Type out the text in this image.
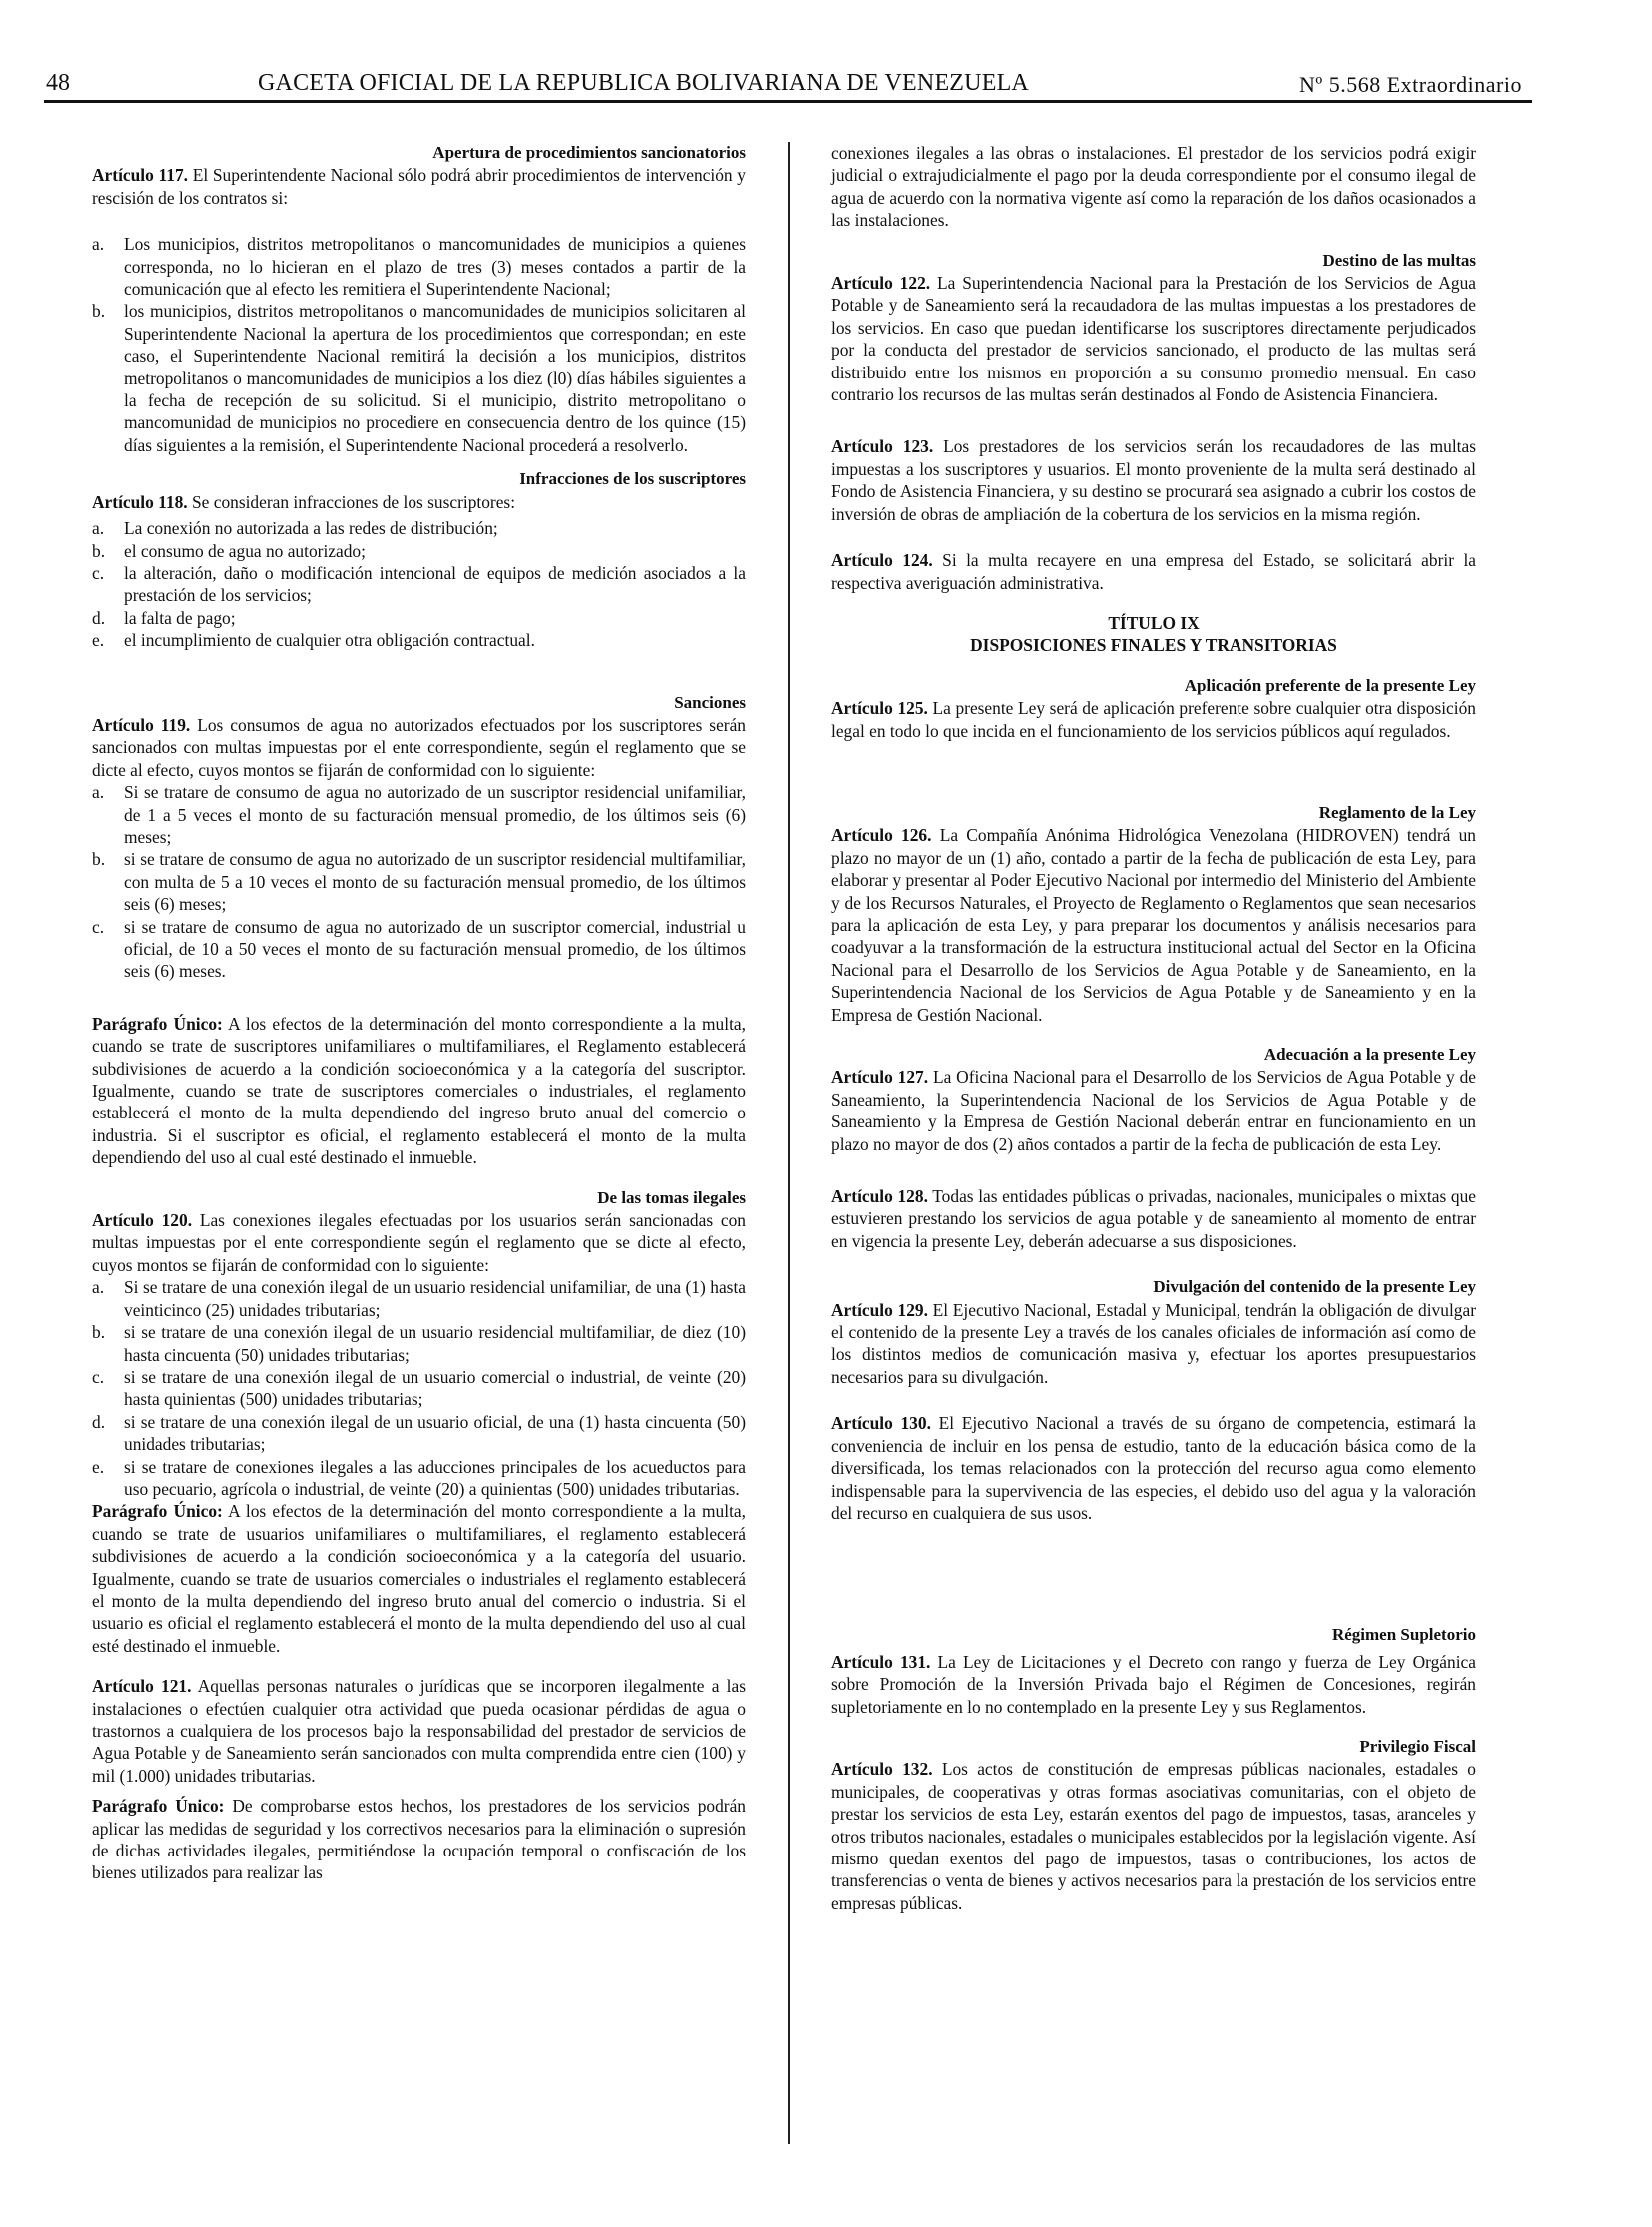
48	GACETA OFICIAL DE LA REPUBLICA BOLIVARIANA DE VENEZUELA	Nº 5.568 Extraordinario

Apertura de procedimientos sancionatorios

Artículo 117. El Superintendente Nacional sólo podrá abrir procedimientos de intervención y rescisión de los contratos si:

a. Los municipios, distritos metropolitanos o mancomunidades de municipios a quienes corresponda, no lo hicieran en el plazo de tres (3) meses contados a partir de la comunicación que al efecto les remitiera el Superintendente Nacional;
b. los municipios, distritos metropolitanos o mancomunidades de municipios solicitaren al Superintendente Nacional la apertura de los procedimientos que correspondan; en este caso, el Superintendente Nacional remitirá la decisión a los municipios, distritos metropolitanos o mancomunidades de municipios a los diez (l0) días hábiles siguientes a la fecha de recepción de su solicitud. Si el municipio, distrito metropolitano o mancomunidad de municipios no procediere en consecuencia dentro de los quince (15) días siguientes a la remisión, el Superintendente Nacional procederá a resolverlo.

Infracciones de los suscriptores

Artículo 118. Se consideran infracciones de los suscriptores:

a. La conexión no autorizada a las redes de distribución;
b. el consumo de agua no autorizado;
c. la alteración, daño o modificación intencional de equipos de medición asociados a la prestación de los servicios;
d. la falta de pago;
e. el incumplimiento de cualquier otra obligación contractual.

Sanciones

Artículo 119. Los consumos de agua no autorizados efectuados por los suscriptores serán sancionados con multas impuestas por el ente correspondiente, según el reglamento que se dicte al efecto, cuyos montos se fijarán de conformidad con lo siguiente:

a. Si se tratare de consumo de agua no autorizado de un suscriptor residencial unifamiliar, de 1 a 5 veces el monto de su facturación mensual promedio, de los últimos seis (6) meses;
b. si se tratare de consumo de agua no autorizado de un suscriptor residencial multifamiliar, con multa de 5 a 10 veces el monto de su facturación mensual promedio, de los últimos seis (6) meses;
c. si se tratare de consumo de agua no autorizado de un suscriptor comercial, industrial u oficial, de 10 a 50 veces el monto de su facturación mensual promedio, de los últimos seis (6) meses.

Parágrafo Único: A los efectos de la determinación del monto correspondiente a la multa, cuando se trate de suscriptores unifamiliares o multifamiliares, el Reglamento establecerá subdivisiones de acuerdo a la condición socioeconómica y a la categoría del suscriptor. Igualmente, cuando se trate de suscriptores comerciales o industriales, el reglamento establecerá el monto de la multa dependiendo del ingreso bruto anual del comercio o industria. Si el suscriptor es oficial, el reglamento establecerá el monto de la multa dependiendo del uso al cual esté destinado el inmueble.

De las tomas ilegales

Artículo 120. Las conexiones ilegales efectuadas por los usuarios serán sancionadas con multas impuestas por el ente correspondiente según el reglamento que se dicte al efecto, cuyos montos se fijarán de conformidad con lo siguiente:

a. Si se tratare de una conexión ilegal de un usuario residencial unifamiliar, de una (1) hasta veinticinco (25) unidades tributarias;
b. si se tratare de una conexión ilegal de un usuario residencial multifamiliar, de diez (10) hasta cincuenta (50) unidades tributarias;
c. si se tratare de una conexión ilegal de un usuario comercial o industrial, de veinte (20) hasta quinientas (500) unidades tributarias;
d. si se tratare de una conexión ilegal de un usuario oficial, de una (1) hasta cincuenta (50) unidades tributarias;
e. si se tratare de conexiones ilegales a las aducciones principales de los acueductos para uso pecuario, agrícola o industrial, de veinte (20) a quinientas (500) unidades tributarias.

Parágrafo Único: A los efectos de la determinación del monto correspondiente a la multa, cuando se trate de usuarios unifamiliares o multifamiliares, el reglamento establecerá subdivisiones de acuerdo a la condición socioeconómica y a la categoría del usuario. Igualmente, cuando se trate de usuarios comerciales o industriales el reglamento establecerá el monto de la multa dependiendo del ingreso bruto anual del comercio o industria. Si el usuario es oficial el reglamento establecerá el monto de la multa dependiendo del uso al cual esté destinado el inmueble.

Artículo 121. Aquellas personas naturales o jurídicas que se incorporen ilegalmente a las instalaciones o efectúen cualquier otra actividad que pueda ocasionar pérdidas de agua o trastornos a cualquiera de los procesos bajo la responsabilidad del prestador de servicios de Agua Potable y de Saneamiento serán sancionados con multa comprendida entre cien (100) y mil (1.000) unidades tributarias.

Parágrafo Único: De comprobarse estos hechos, los prestadores de los servicios podrán aplicar las medidas de seguridad y los correctivos necesarios para la eliminación o supresión de dichas actividades ilegales, permitiéndose la ocupación temporal o confiscación de los bienes utilizados para realizar las

conexiones ilegales a las obras o instalaciones. El prestador de los servicios podrá exigir judicial o extrajudicialmente el pago por la deuda correspondiente por el consumo ilegal de agua de acuerdo con la normativa vigente así como la reparación de los daños ocasionados a las instalaciones.

Destino de las multas

Artículo 122. La Superintendencia Nacional para la Prestación de los Servicios de Agua Potable y de Saneamiento será la recaudadora de las multas impuestas a los prestadores de los servicios. En caso que puedan identificarse los suscriptores directamente perjudicados por la conducta del prestador de servicios sancionado, el producto de las multas será distribuido entre los mismos en proporción a su consumo promedio mensual. En caso contrario los recursos de las multas serán destinados al Fondo de Asistencia Financiera.

Artículo 123. Los prestadores de los servicios serán los recaudadores de las multas impuestas a los suscriptores y usuarios. El monto proveniente de la multa será destinado al Fondo de Asistencia Financiera, y su destino se procurará sea asignado a cubrir los costos de inversión de obras de ampliación de la cobertura de los servicios en la misma región.

Artículo 124. Si la multa recayere en una empresa del Estado, se solicitará abrir la respectiva averiguación administrativa.

TÍTULO IX

DISPOSICIONES FINALES Y TRANSITORIAS

Aplicación preferente de la presente Ley

Artículo 125. La presente Ley será de aplicación preferente sobre cualquier otra disposición legal en todo lo que incida en el funcionamiento de los servicios públicos aquí regulados.

Reglamento de la Ley

Artículo 126. La Compañía Anónima Hidrológica Venezolana (HIDROVEN) tendrá un plazo no mayor de un (1) año, contado a partir de la fecha de publicación de esta Ley, para elaborar y presentar al Poder Ejecutivo Nacional por intermedio del Ministerio del Ambiente y de los Recursos Naturales, el Proyecto de Reglamento o Reglamentos que sean necesarios para la aplicación de esta Ley, y para preparar los documentos y análisis necesarios para coadyuvar a la transformación de la estructura institucional actual del Sector en la Oficina Nacional para el Desarrollo de los Servicios de Agua Potable y de Saneamiento, en la Superintendencia Nacional de los Servicios de Agua Potable y de Saneamiento y en la Empresa de Gestión Nacional.

Adecuación a la presente Ley

Artículo 127. La Oficina Nacional para el Desarrollo de los Servicios de Agua Potable y de Saneamiento, la Superintendencia Nacional de los Servicios de Agua Potable y de Saneamiento y la Empresa de Gestión Nacional deberán entrar en funcionamiento en un plazo no mayor de dos (2) años contados a partir de la fecha de publicación de esta Ley.

Artículo 128. Todas las entidades públicas o privadas, nacionales, municipales o mixtas que estuvieren prestando los servicios de agua potable y de saneamiento al momento de entrar en vigencia la presente Ley, deberán adecuarse a sus disposiciones.

Divulgación del contenido de la presente Ley

Artículo 129. El Ejecutivo Nacional, Estadal y Municipal, tendrán la obligación de divulgar el contenido de la presente Ley a través de los canales oficiales de información así como de los distintos medios de comunicación masiva y, efectuar los aportes presupuestarios necesarios para su divulgación.

Artículo 130. El Ejecutivo Nacional a través de su órgano de competencia, estimará la conveniencia de incluir en los pensa de estudio, tanto de la educación básica como de la diversificada, los temas relacionados con la protección del recurso agua como elemento indispensable para la supervivencia de las especies, el debido uso del agua y la valoración del recurso en cualquiera de sus usos.

Régimen Supletorio

Artículo 131. La Ley de Licitaciones y el Decreto con rango y fuerza de Ley Orgánica sobre Promoción de la Inversión Privada bajo el Régimen de Concesiones, regirán supletoriamente en lo no contemplado en la presente Ley y sus Reglamentos.

Privilegio Fiscal

Artículo 132. Los actos de constitución de empresas públicas nacionales, estadales o municipales, de cooperativas y otras formas asociativas comunitarias, con el objeto de prestar los servicios de esta Ley, estarán exentos del pago de impuestos, tasas, aranceles y otros tributos nacionales, estadales o municipales establecidos por la legislación vigente. Así mismo quedan exentos del pago de impuestos, tasas o contribuciones, los actos de transferencias o venta de bienes y activos necesarios para la prestación de los servicios entre empresas públicas.
